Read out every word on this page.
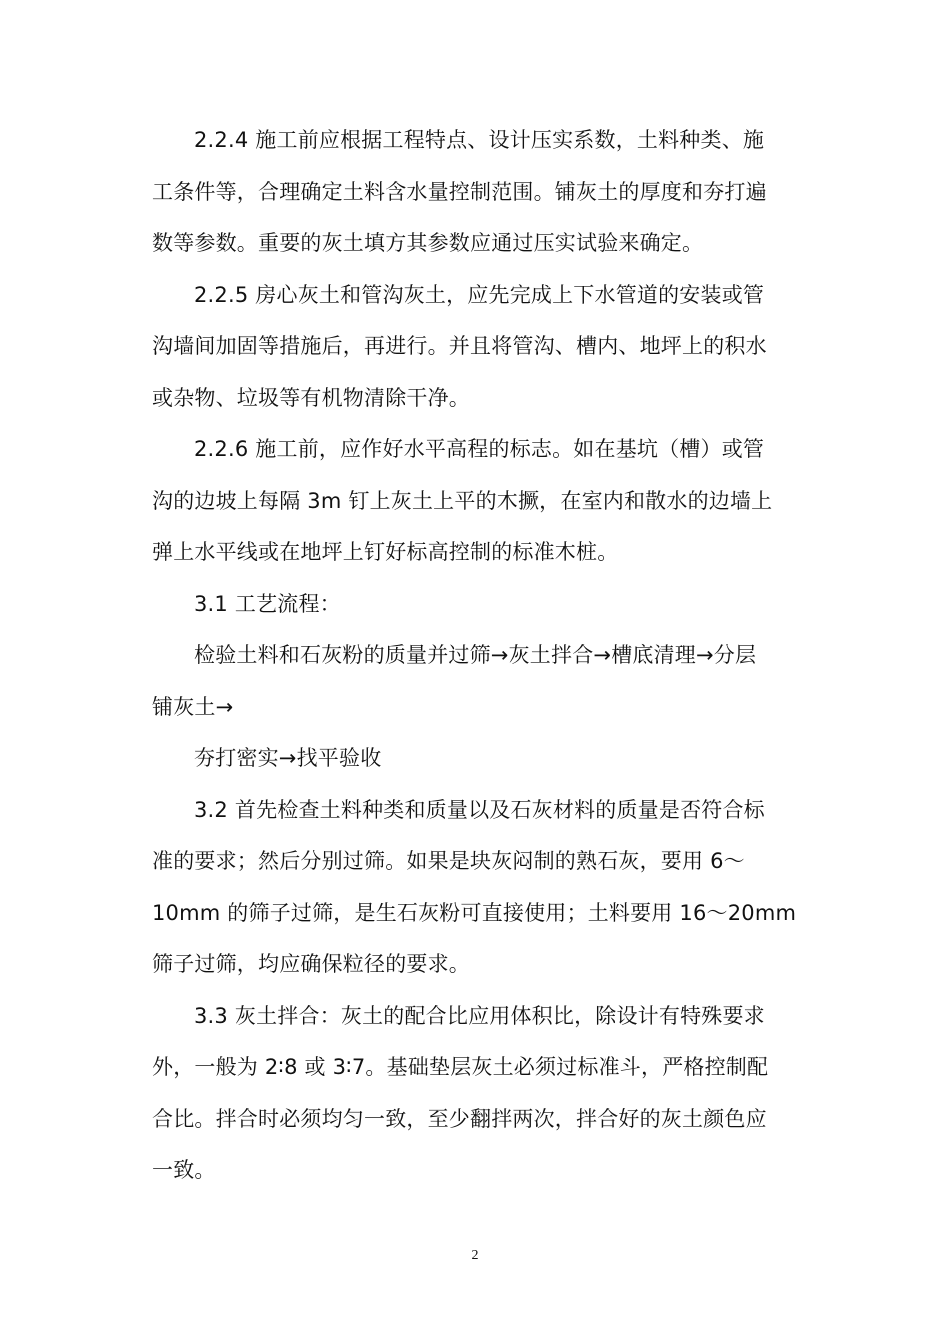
2.2.4 施工前应根据工程特点、设计压实系数，土料种类、施
工条件等，合理确定土料含水量控制范围。铺灰土的厚度和夯打遍
数等参数。重要的灰土填方其参数应通过压实试验来确定。
2.2.5 房心灰土和管沟灰土，应先完成上下水管道的安装或管
沟墙间加固等措施后，再进行。并且将管沟、槽内、地坪上的积水
或杂物、垃圾等有机物清除干净。
2.2.6 施工前，应作好水平高程的标志。如在基坑（槽）或管
沟的边坡上每隔 3m 钉上灰土上平的木撅，在室内和散水的边墙上
弹上水平线或在地坪上钉好标高控制的标准木桩。
3.1 工艺流程：
检验土料和石灰粉的质量并过筛→灰土拌合→槽底清理→分层
铺灰土→
夯打密实→找平验收
3.2 首先检查土料种类和质量以及石灰材料的质量是否符合标
准的要求；然后分别过筛。如果是块灰闷制的熟石灰，要用 6～
10mm 的筛子过筛，是生石灰粉可直接使用；土料要用 16～20mm
筛子过筛，均应确保粒径的要求。
3.3 灰土拌合：灰土的配合比应用体积比，除设计有特殊要求
外，一般为 2∶8 或 3∶7。基础垫层灰土必须过标准斗，严格控制配
合比。拌合时必须均匀一致，至少翻拌两次，拌合好的灰土颜色应
一致。
2
